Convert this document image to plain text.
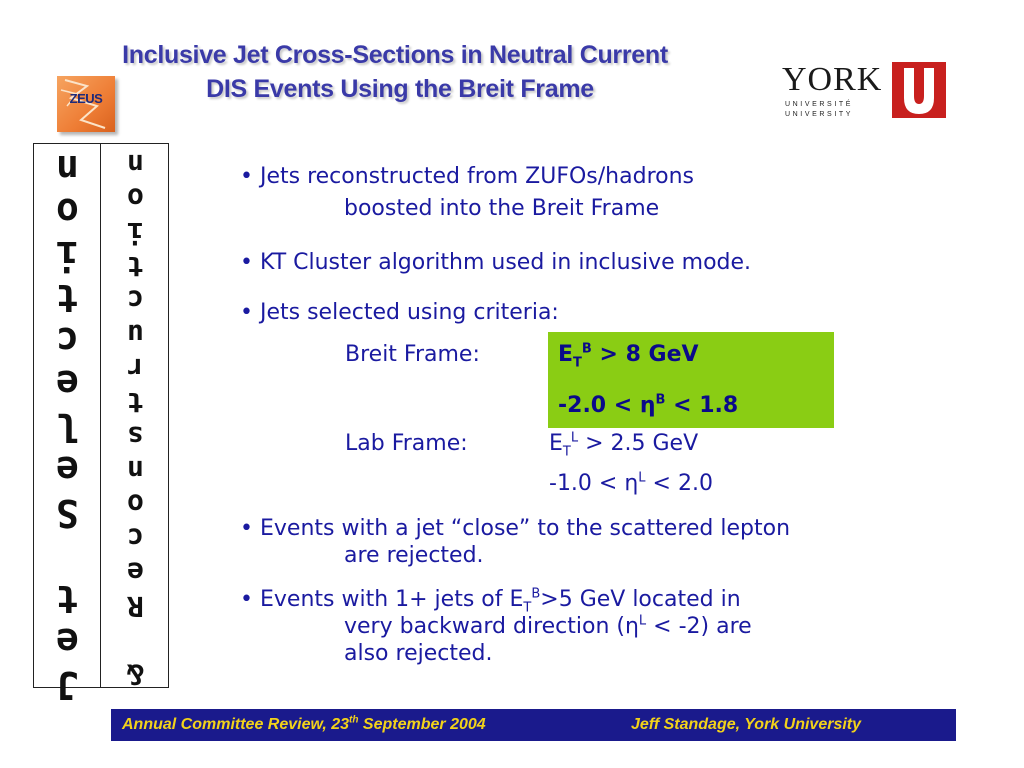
Inclusive Jet Cross-Sections in Neutral Current
DIS Events Using the Breit Frame
ZEUS
YORK
UNIVERSITÉ
UNIVERSITY
n
o
i
t
c
e
l
e
S

t
e
J
n
o
i
t
c
u
r
t
s
n
o
c
e
R

&
• Jets reconstructed from ZUFOs/hadrons
boosted into the Breit Frame
• KT Cluster algorithm used in inclusive mode.
• Jets selected using criteria:
Breit Frame:	$E_T^B > 8$ GeV
$-2.0 < \eta^B < 1.8$
Lab Frame:	$E_T^L > 2.5$ GeV
$-1.0 < \eta^L < 2.0$
• Events with a jet “close” to the scattered lepton
are rejected.
• Events with 1+ jets of $E_T^B>5$ GeV located in
very backward direction $(\eta^L < -2)$ are
also rejected.
Annual Committee Review, 23th September 2004	Jeff Standage, York University
